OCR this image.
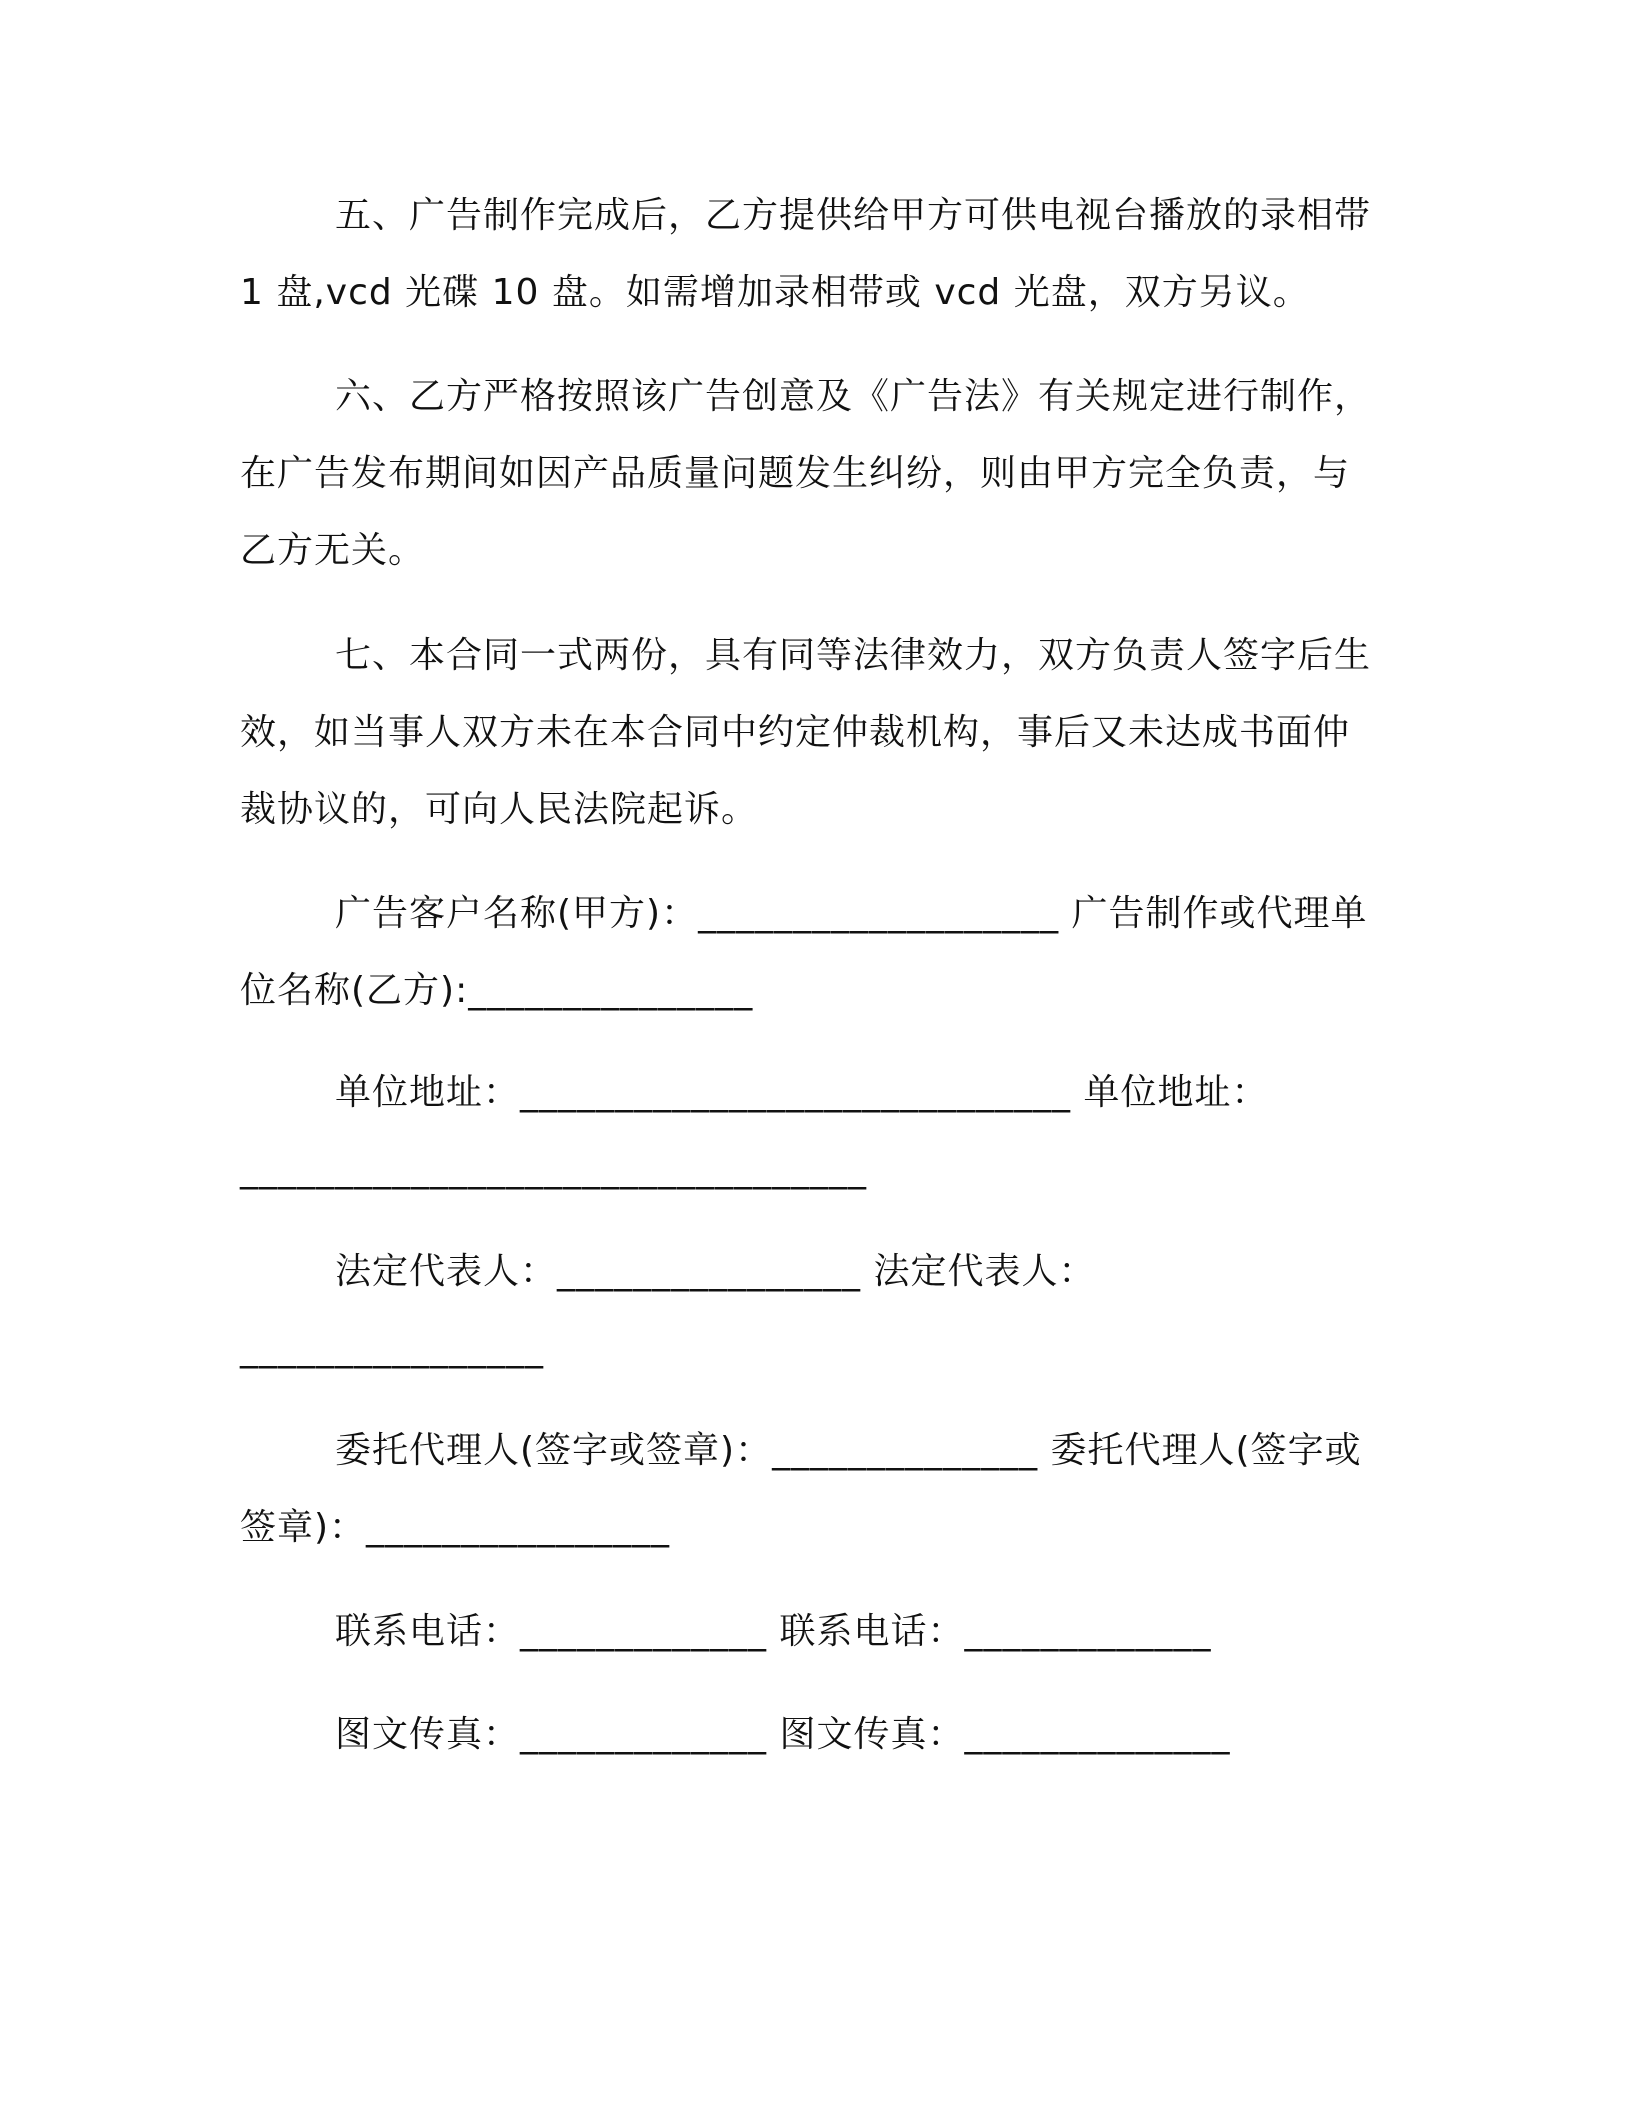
五、广告制作完成后，乙方提供给甲方可供电视台播放的录相带
1 盘,vcd 光碟 10 盘。如需增加录相带或 vcd 光盘，双方另议。
六、乙方严格按照该广告创意及《广告法》有关规定进行制作，
在广告发布期间如因产品质量问题发生纠纷，则由甲方完全负责，与
乙方无关。
七、本合同一式两份，具有同等法律效力，双方负责人签字后生
效，如当事人双方未在本合同中约定仲裁机构，事后又未达成书面仲
裁协议的，可向人民法院起诉。
广告客户名称(甲方)：___________________ 广告制作或代理单
位名称(乙方):_______________
单位地址：_____________________________ 单位地址：
_________________________________
法定代表人：________________ 法定代表人：
________________
委托代理人(签字或签章)：______________ 委托代理人(签字或
签章)：________________
联系电话：_____________ 联系电话：_____________
图文传真：_____________ 图文传真：______________
